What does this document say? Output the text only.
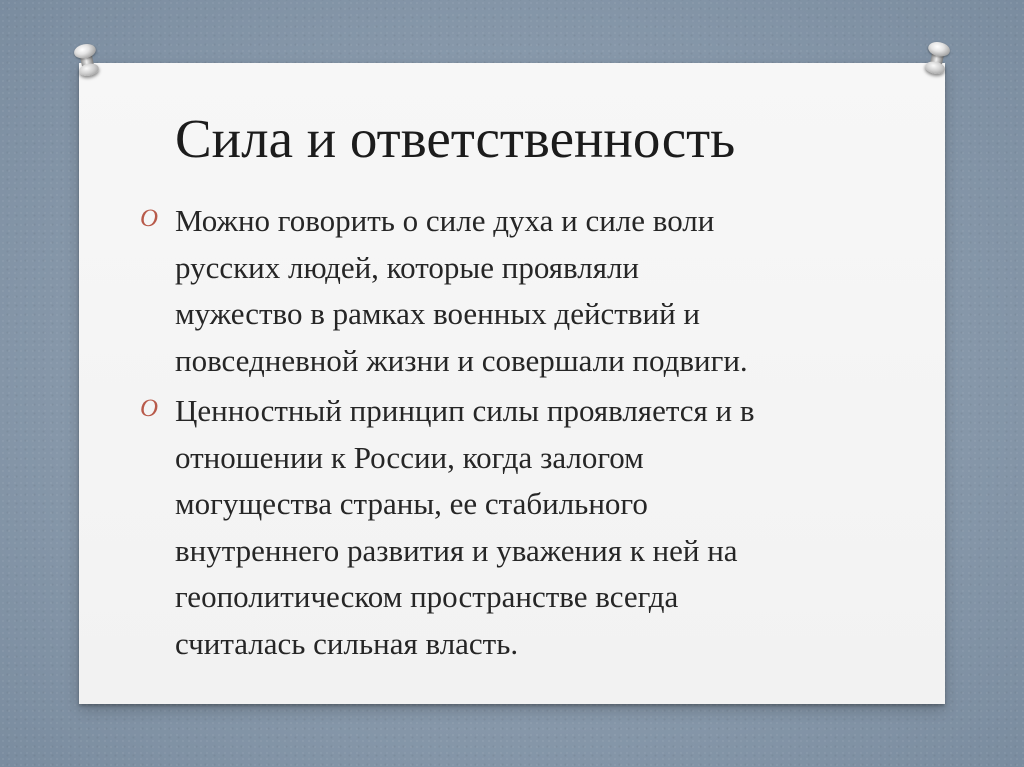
Сила и ответственность
O Можно говорить о силе духа и силе воли
русских людей, которые проявляли
мужество в рамках военных действий и
повседневной жизни и совершали подвиги.
O Ценностный принцип силы проявляется и в
отношении к России, когда залогом
могущества страны, ее стабильного
внутреннего развития и уважения к ней на
геополитическом пространстве всегда
считалась сильная власть.
